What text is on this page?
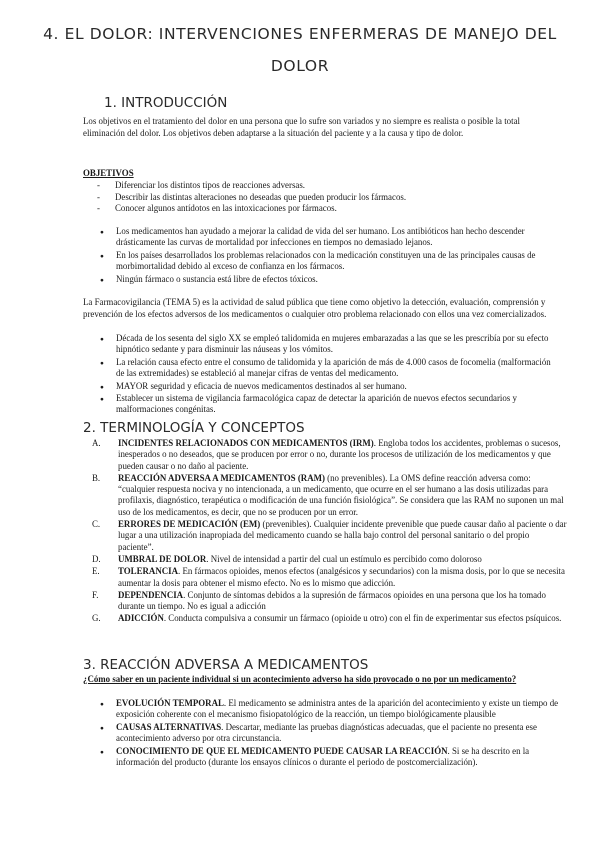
4. EL DOLOR: INTERVENCIONES ENFERMERAS DE MANEJO DEL DOLOR
1. INTRODUCCIÓN
Los objetivos en el tratamiento del dolor en una persona que lo sufre son variados y no siempre es realista o posible la total eliminación del dolor. Los objetivos deben adaptarse a la situación del paciente y a la causa y tipo de dolor.
OBJETIVOS
- Diferenciar los distintos tipos de reacciones adversas.
- Describir las distintas alteraciones no deseadas que pueden producir los fármacos.
- Conocer algunos antídotos en las intoxicaciones por fármacos.
● Los medicamentos han ayudado a mejorar la calidad de vida del ser humano. Los antibióticos han hecho descender drásticamente las curvas de mortalidad por infecciones en tiempos no demasiado lejanos.
● En los países desarrollados los problemas relacionados con la medicación constituyen una de las principales causas de morbimortalidad debido al exceso de confianza en los fármacos.
● Ningún fármaco o sustancia está libre de efectos tóxicos.
La Farmacovigilancia (TEMA 5) es la actividad de salud pública que tiene como objetivo la detección, evaluación, comprensión y prevención de los efectos adversos de los medicamentos o cualquier otro problema relacionado con ellos una vez comercializados.
● Década de los sesenta del siglo XX se empleó talidomida en mujeres embarazadas a las que se les prescribía por su efecto hipnótico sedante y para disminuir las náuseas y los vómitos.
● La relación causa efecto entre el consumo de talidomida y la aparición de más de 4.000 casos de focomelia (malformación de las extremidades) se estableció al manejar cifras de ventas del medicamento.
● MAYOR seguridad y eficacia de nuevos medicamentos destinados al ser humano.
● Establecer un sistema de vigilancia farmacológica capaz de detectar la aparición de nuevos efectos secundarios y malformaciones congénitas.
2. TERMINOLOGÍA Y CONCEPTOS
A.	INCIDENTES RELACIONADOS CON MEDICAMENTOS (IRM). Engloba todos los accidentes, problemas o sucesos, inesperados o no deseados, que se producen por error o no, durante los procesos de utilización de los medicamentos y que pueden causar o no daño al paciente.
B.	REACCIÓN ADVERSA A MEDICAMENTOS (RAM) (no prevenibles). La OMS define reacción adversa como: “cualquier respuesta nociva y no intencionada, a un medicamento, que ocurre en el ser humano a las dosis utilizadas para profilaxis, diagnóstico, terapéutica o modificación de una función fisiológica”. Se considera que las RAM no suponen un mal uso de los medicamentos, es decir, que no se producen por un error.
C.	ERRORES DE MEDICACIÓN (EM) (prevenibles). Cualquier incidente prevenible que puede causar daño al paciente o dar lugar a una utilización inapropiada del medicamento cuando se halla bajo control del personal sanitario o del propio paciente”.
D.	UMBRAL DE DOLOR. Nivel de intensidad a partir del cual un estímulo es percibido como doloroso
E.	TOLERANCIA. En fármacos opioides, menos efectos (analgésicos y secundarios) con la misma dosis, por lo que se necesita aumentar la dosis para obtener el mismo efecto. No es lo mismo que adicción.
F.	DEPENDENCIA. Conjunto de síntomas debidos a la supresión de fármacos opioides en una persona que los ha tomado durante un tiempo. No es igual a adicción
G.	ADICCIÓN. Conducta compulsiva a consumir un fármaco (opioide u otro) con el fin de experimentar sus efectos psíquicos.
3. REACCIÓN ADVERSA A MEDICAMENTOS
¿Cómo saber en un paciente individual si un acontecimiento adverso ha sido provocado o no por un medicamento?
● EVOLUCIÓN TEMPORAL. El medicamento se administra antes de la aparición del acontecimiento y existe un tiempo de exposición coherente con el mecanismo fisiopatológico de la reacción, un tiempo biológicamente plausible
● CAUSAS ALTERNATIVAS. Descartar, mediante las pruebas diagnósticas adecuadas, que el paciente no presenta ese acontecimiento adverso por otra circunstancia.
● CONOCIMIENTO DE QUE EL MEDICAMENTO PUEDE CAUSAR LA REACCIÓN. Si se ha descrito en la información del producto (durante los ensayos clínicos o durante el periodo de postcomercialización).
